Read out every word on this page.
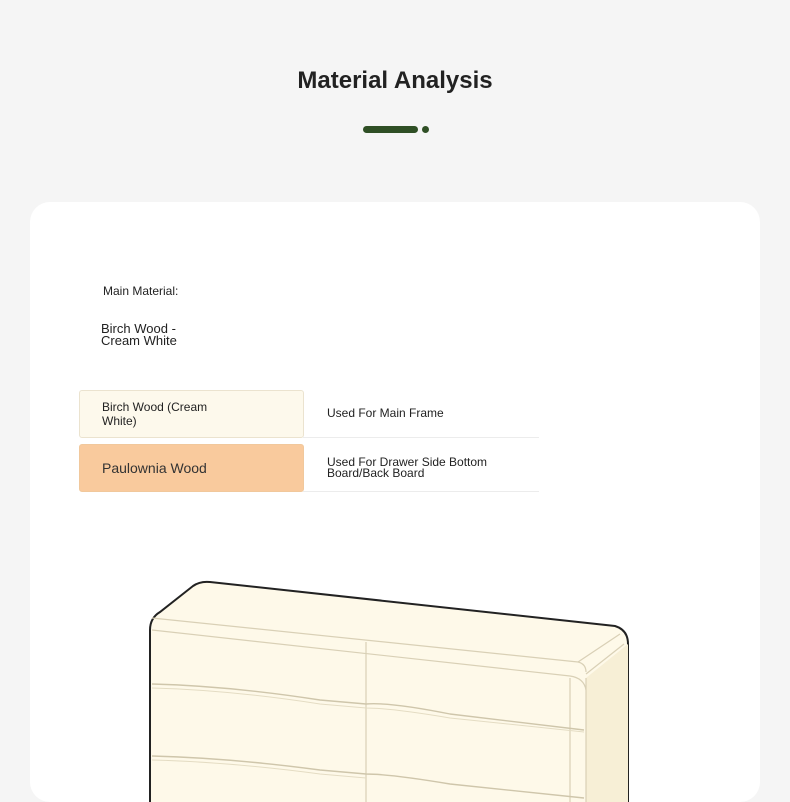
Material Analysis
Main Material:
Birch Wood - Cream White
Birch Wood (Cream White)
Used For Main Frame
Paulownia Wood	Used For Drawer Side Bottom Board/Back Board
